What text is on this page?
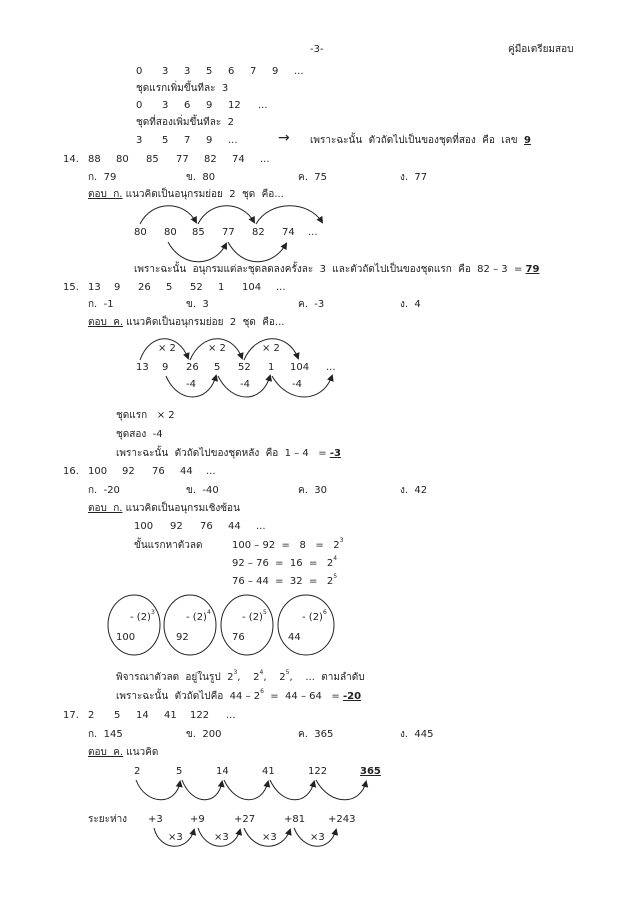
-3-	คู่มือเตรียมสอบ
0 3 3 5 6 7 9 ...
ชุดแรกเพิ่มขึ้นทีละ  3
0 3 6 9 12 ...
ชุดที่สองเพิ่มขึ้นทีละ  2
3 5 7 9 ...	→ เพราะฉะนั้น  ตัวถัดไปเป็นของชุดที่สอง  คือ  เลข 9
14. 88 80 85 77 82 74 ...
ก.  79	ข.  80	ค.  75	ง.  77
ตอบ  ก. แนวคิดเป็นอนุกรมย่อย  2  ชุด  คือ...
80 80 85 77 82 74 ...
เพราะฉะนั้น  อนุกรมแต่ละชุดลดลงครั้งละ  3  และตัวถัดไปเป็นของชุดแรก  คือ  82 – 3  = 79
15. 13 9 26 5 52 1 104 ...
ก.  -1	ข.  3	ค.  -3	ง.  4
ตอบ  ค. แนวคิดเป็นอนุกรมย่อย  2  ชุด  คือ...
× 2	× 2	× 2
13 9 26 5 52 1 104 ...
-4	-4	-4
ชุดแรก   × 2
ชุดสอง  -4
เพราะฉะนั้น  ตัวถัดไปของชุดหลัง  คือ  1 – 4   = -3
16. 100 92 76 44 ...
ก.  -20	ข.  -40	ค.  30	ง.  42
ตอบ  ก. แนวคิดเป็นอนุกรมเชิงซ้อน
100 92 76 44 ...
ขั้นแรกหาตัวลด	$100 - 92 = 8 = 2^3$
$92 - 76 = 16 = 2^4$
$76 - 44 = 32 = 2^5$
- $(2)^3$
100
- $(2)^4$
92
- $(2)^5$
76
- $(2)^6$
44
พิจารณาตัวลด  อยู่ในรูป  $2^3$,    $2^4$,    $2^5$,    ...  ตามลำดับ
เพราะฉะนั้น  ตัวถัดไปคือ  $44 - 2^6 = 44 - 64 = -20$
17. 2 5 14 41 122 ...
ก.  145	ข.  200	ค.  365	ง.  445
ตอบ  ค. แนวคิด
2	5	14	41	122	365
ระยะห่าง +3	+9	+27	+81 +243
×3	×3	×3	×3
